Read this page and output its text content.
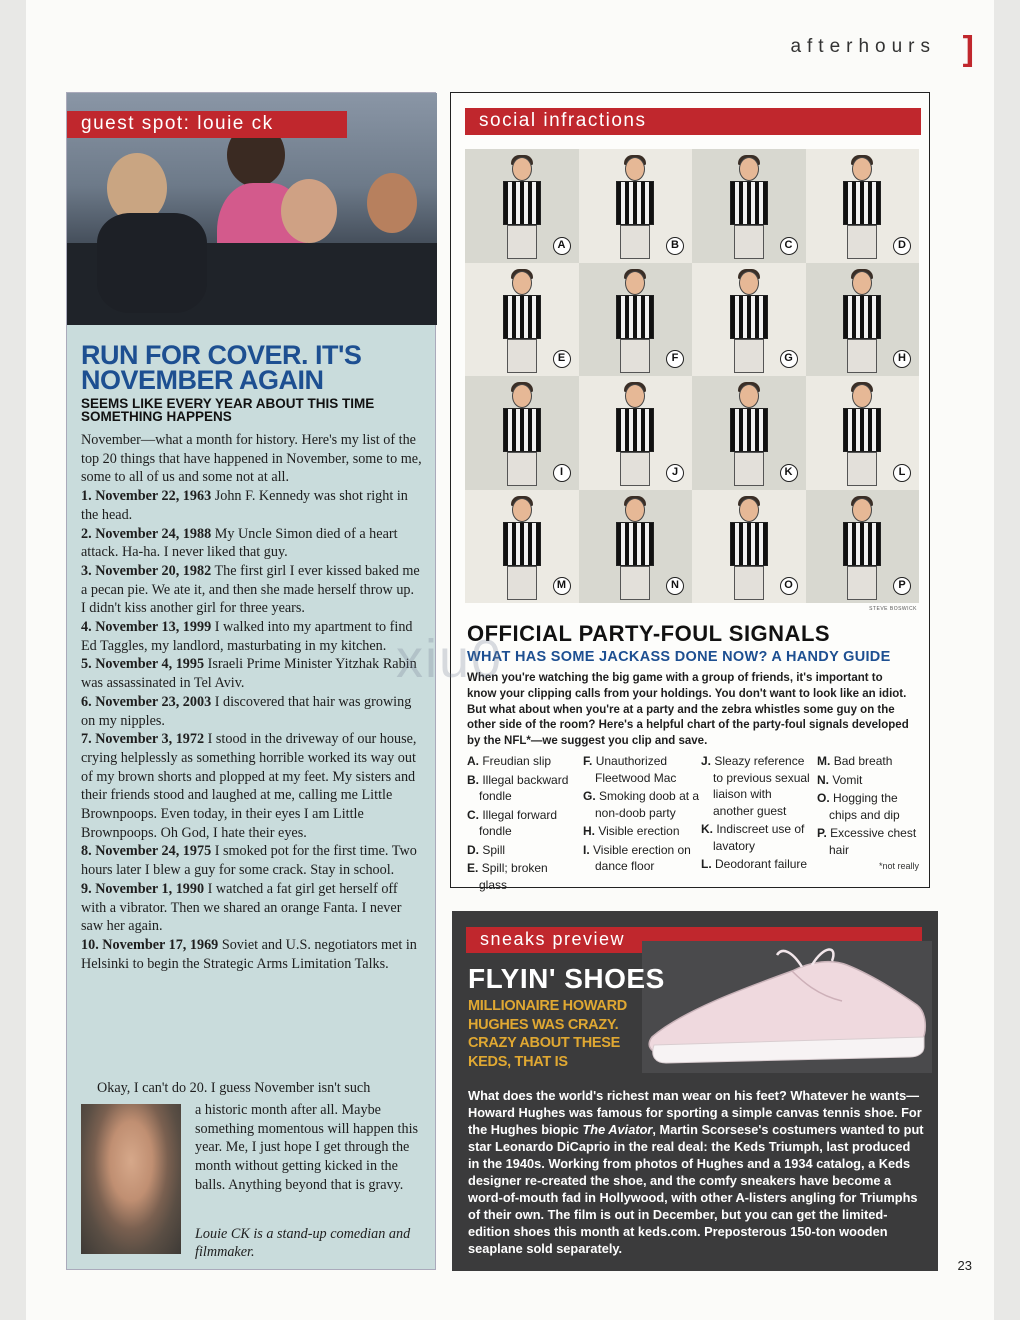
afterhours ]
guest spot: louie ck
RUN FOR COVER. IT'S NOVEMBER AGAIN
SEEMS LIKE EVERY YEAR ABOUT THIS TIME SOMETHING HAPPENS

November—what a month for history. Here's my list of the top 20 things that have happened in November, some to me, some to all of us and some not at all.

1. November 22, 1963 John F. Kennedy was shot right in the head.

2. November 24, 1988 My Uncle Simon died of a heart attack. Ha-ha. I never liked that guy.

3. November 20, 1982 The first girl I ever kissed baked me a pecan pie. We ate it, and then she made herself throw up. I didn't kiss another girl for three years.

4. November 13, 1999 I walked into my apartment to find Ed Taggles, my landlord, masturbating in my kitchen.

5. November 4, 1995 Israeli Prime Minister Yitzhak Rabin was assassinated in Tel Aviv.

6. November 23, 2003 I discovered that hair was growing on my nipples.

7. November 3, 1972 I stood in the driveway of our house, crying helplessly as something horrible worked its way out of my brown shorts and plopped at my feet. My sisters and their friends stood and laughed at me, calling me Little Brownpoops. Even today, in their eyes I am Little Brownpoops. Oh God, I hate their eyes.

8. November 24, 1975 I smoked pot for the first time. Two hours later I blew a guy for some crack. Stay in school.

9. November 1, 1990 I watched a fat girl get herself off with a vibrator. Then we shared an orange Fanta. I never saw her again.

10. November 17, 1969 Soviet and U.S. negotiators met in Helsinki to begin the Strategic Arms Limitation Talks.

Okay, I can't do 20. I guess November isn't such
a historic month after all. Maybe something momentous will happen this year. Me, I just hope I get through the month without getting kicked in the balls. Anything beyond that is gravy.
Louie CK is a stand-up comedian and filmmaker.
social infractions
A	B	C	D
E	F	G	H
I	J	K	L
M	N	O	P
STEVE BOSWICK
OFFICIAL PARTY-FOUL SIGNALS
WHAT HAS SOME JACKASS DONE NOW? A HANDY GUIDE
When you're watching the big game with a group of friends, it's important to know your clipping calls from your holdings. You don't want to look like an idiot. But what about when you're at a party and the zebra whistles some guy on the other side of the room? Here's a helpful chart of the party-foul signals developed by the NFL*—we suggest you clip and save.
A. Freudian slip
B. Illegal backward fondle
C. Illegal forward fondle
D. Spill
E. Spill; broken glass
F. Unauthorized Fleetwood Mac
G. Smoking doob at a non-doob party
H. Visible erection
I. Visible erection on dance floor
J. Sleazy reference to previous sexual liaison with another guest
K. Indiscreet use of lavatory
L. Deodorant failure
M. Bad breath
N. Vomit
O. Hogging the chips and dip
P. Excessive chest hair
*not really
sneaks preview
FLYIN' SHOES
MILLIONAIRE HOWARD HUGHES WAS CRAZY. CRAZY ABOUT THESE KEDS, THAT IS
What does the world's richest man wear on his feet? Whatever he wants—Howard Hughes was famous for sporting a simple canvas tennis shoe. For the Hughes biopic The Aviator, Martin Scorsese's costumers wanted to put star Leonardo DiCaprio in the real deal: the Keds Triumph, last produced in the 1940s. Working from photos of Hughes and a 1934 catalog, a Keds designer re-created the shoe, and the comfy sneakers have become a word-of-mouth fad in Hollywood, with other A-listers angling for Triumphs of their own. The film is out in December, but you can get the limited-edition shoes this month at keds.com. Preposterous 150-ton wooden seaplane sold separately.
xiu0
23
